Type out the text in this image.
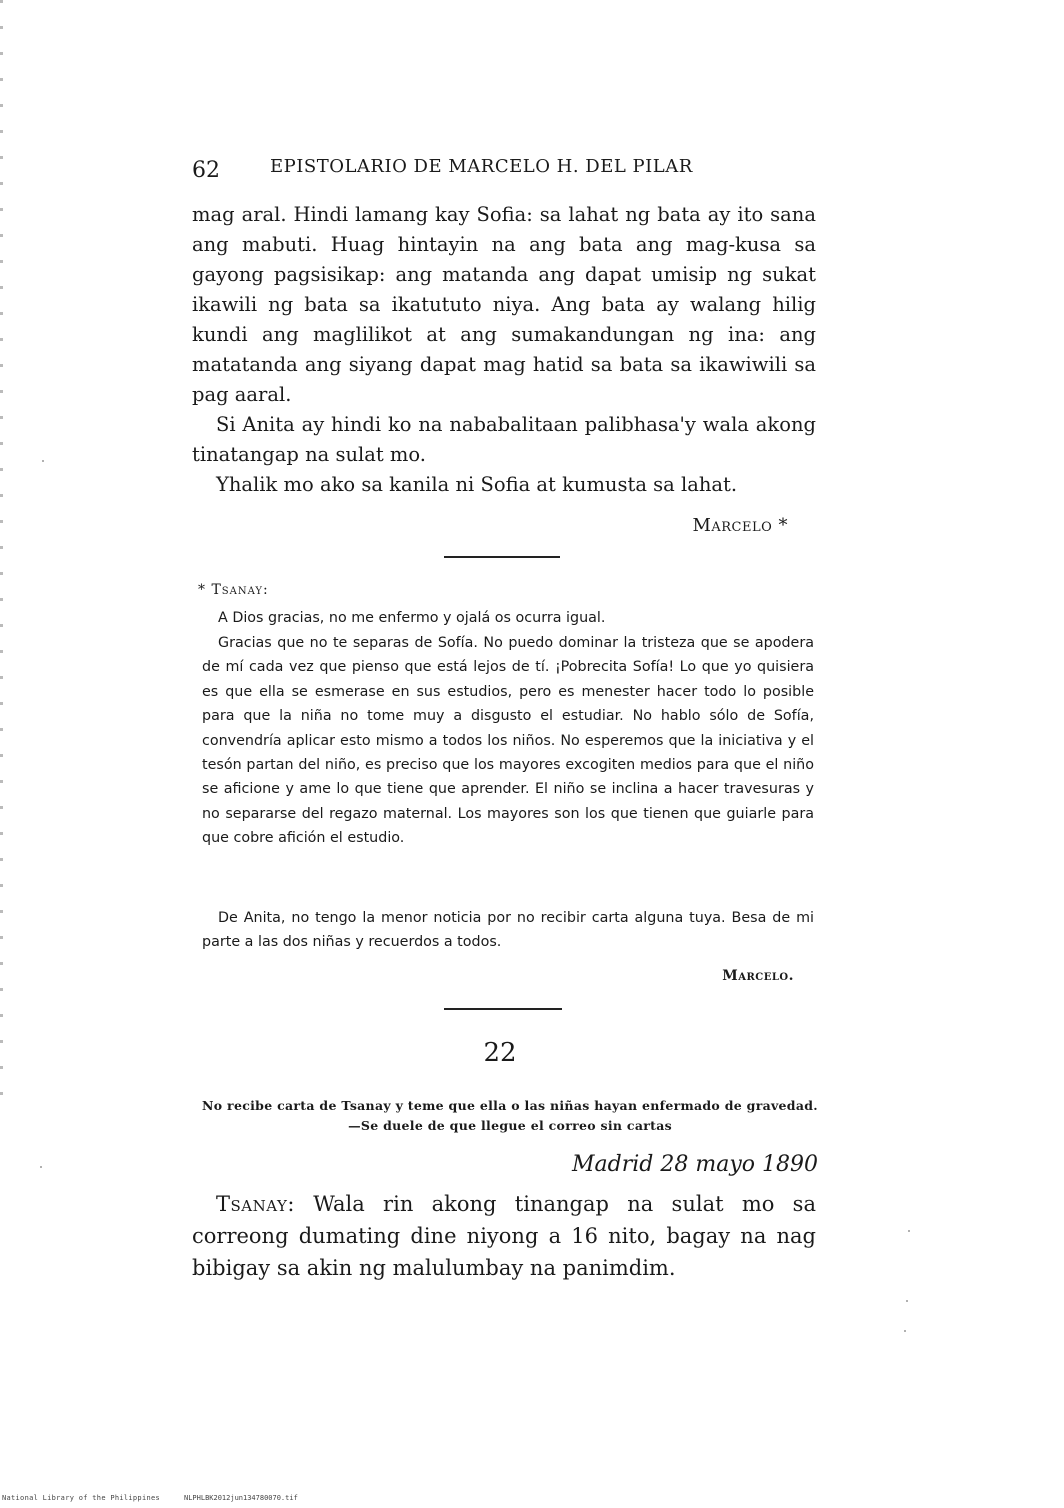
62	EPISTOLARIO DE MARCELO H. DEL PILAR

mag aral. Hindi lamang kay Sofia: sa lahat ng bata ay ito sana ang mabuti. Huag hintayin na ang bata ang mag-kusa sa gayong pagsisikap: ang matanda ang dapat umisip ng sukat ikawili ng bata sa ikatututo niya. Ang bata ay walang hilig kundi ang maglilikot at ang sumakandungan ng ina: ang matatanda ang siyang dapat mag hatid sa bata sa ikawiwili sa pag aaral.

Si Anita ay hindi ko na nababalitaan palibhasa'y wala akong tinatangap na sulat mo.

Yhalik mo ako sa kanila ni Sofia at kumusta sa lahat.

Marcelo *
* Tsanay:

A Dios gracias, no me enfermo y ojalá os ocurra igual.

Gracias que no te separas de Sofía. No puedo dominar la tristeza que se apodera de mí cada vez que pienso que está lejos de tí. ¡Pobrecita Sofía! Lo que yo quisiera es que ella se esmerase en sus estudios, pero es menester hacer todo lo posible para que la niña no tome muy a disgusto el estudiar. No hablo sólo de Sofía, convendría aplicar esto mismo a todos los niños. No esperemos que la iniciativa y el tesón partan del niño, es preciso que los mayores excogiten medios para que el niño se aficione y ame lo que tiene que aprender. El niño se inclina a hacer travesuras y no separarse del regazo maternal. Los mayores son los que tienen que guiarle para que cobre afición el estudio.

De Anita, no tengo la menor noticia por no recibir carta alguna tuya. Besa de mi parte a las dos niñas y recuerdos a todos.

Marcelo.
22

No recibe carta de Tsanay y teme que ella o las niñas hayan enfermado de gravedad.—Se duele de que llegue el correo sin cartas

Madrid 28 mayo 1890

Tsanay: Wala rin akong tinangap na sulat mo sa correong dumating dine niyong a 16 nito, bagay na nag bibigay sa akin ng malulumbay na panimdim.

National Library of the Philippines	NLPHLBK2012jun134780070.tif
